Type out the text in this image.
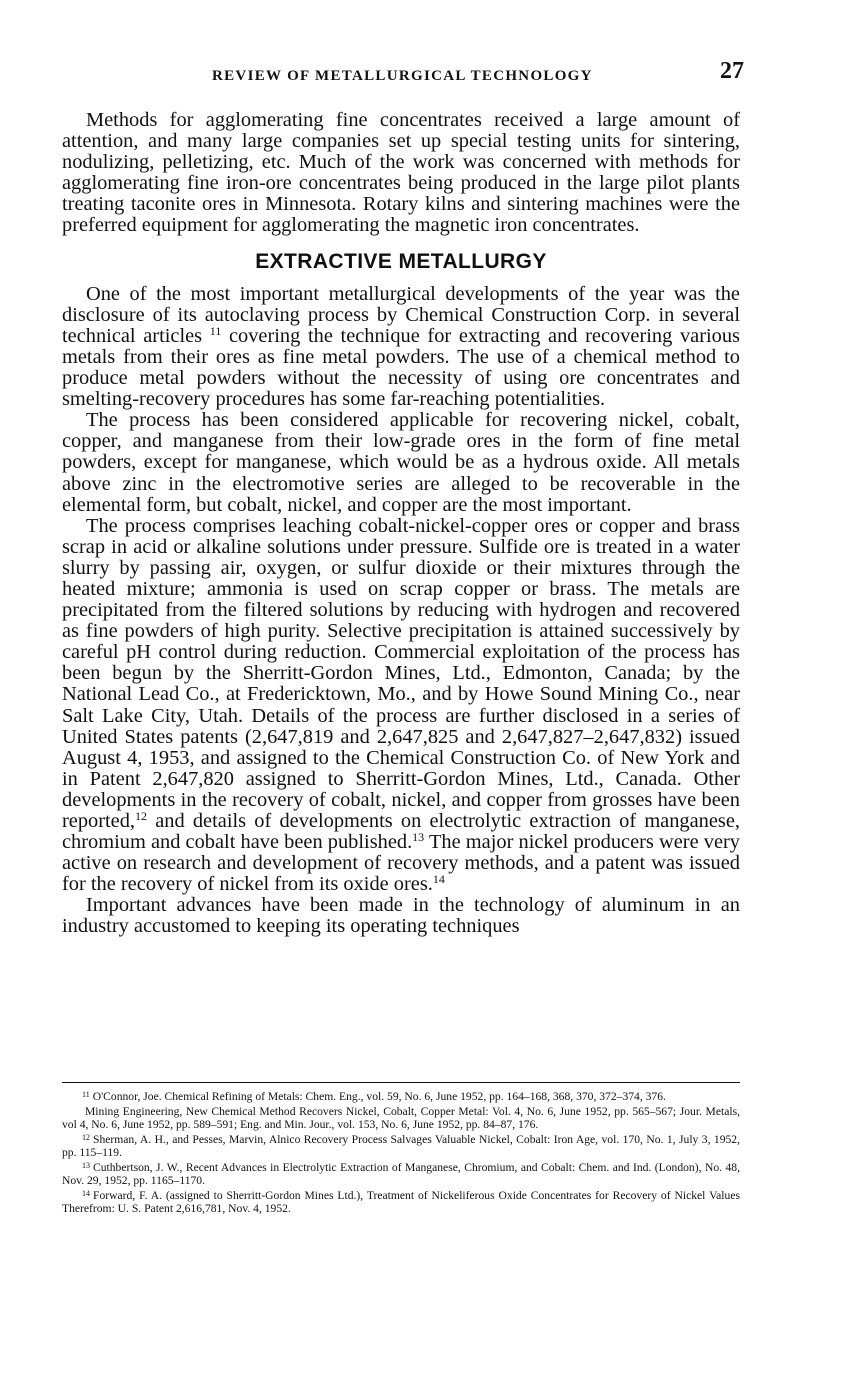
REVIEW OF METALLURGICAL TECHNOLOGY	27

Methods for agglomerating fine concentrates received a large amount of attention, and many large companies set up special testing units for sintering, nodulizing, pelletizing, etc. Much of the work was concerned with methods for agglomerating fine iron-ore concentrates being produced in the large pilot plants treating taconite ores in Minnesota. Rotary kilns and sintering machines were the preferred equipment for agglomerating the magnetic iron concentrates.

EXTRACTIVE METALLURGY

One of the most important metallurgical developments of the year was the disclosure of its autoclaving process by Chemical Construction Corp. in several technical articles $^{11}$ covering the technique for extracting and recovering various metals from their ores as fine metal powders. The use of a chemical method to produce metal powders without the necessity of using ore concentrates and smelting-recovery procedures has some far-reaching potentialities.

The process has been considered applicable for recovering nickel, cobalt, copper, and manganese from their low-grade ores in the form of fine metal powders, except for manganese, which would be as a hydrous oxide. All metals above zinc in the electromotive series are alleged to be recoverable in the elemental form, but cobalt, nickel, and copper are the most important.

The process comprises leaching cobalt-nickel-copper ores or copper and brass scrap in acid or alkaline solutions under pressure. Sulfide ore is treated in a water slurry by passing air, oxygen, or sulfur dioxide or their mixtures through the heated mixture; ammonia is used on scrap copper or brass. The metals are precipitated from the filtered solutions by reducing with hydrogen and recovered as fine powders of high purity. Selective precipitation is attained successively by careful pH control during reduction. Commercial exploitation of the process has been begun by the Sherritt-Gordon Mines, Ltd., Edmonton, Canada; by the National Lead Co., at Fredericktown, Mo., and by Howe Sound Mining Co., near Salt Lake City, Utah. Details of the process are further disclosed in a series of United States patents (2,647,819 and 2,647,825 and 2,647,827–2,647,832) issued August 4, 1953, and assigned to the Chemical Construction Co. of New York and in Patent 2,647,820 assigned to Sherritt-Gordon Mines, Ltd., Canada. Other developments in the recovery of cobalt, nickel, and copper from grosses have been reported,$^{12}$ and details of developments on electrolytic extraction of manganese, chromium and cobalt have been published.$^{13}$ The major nickel producers were very active on research and development of recovery methods, and a patent was issued for the recovery of nickel from its oxide ores.$^{14}$

Important advances have been made in the technology of aluminum in an industry accustomed to keeping its operating techniques

$^{11}$ O'Connor, Joe. Chemical Refining of Metals: Chem. Eng., vol. 59, No. 6, June 1952, pp. 164–168, 368, 370, 372–374, 376.

Mining Engineering, New Chemical Method Recovers Nickel, Cobalt, Copper Metal: Vol. 4, No. 6, June 1952, pp. 565–567; Jour. Metals, vol 4, No. 6, June 1952, pp. 589–591; Eng. and Min. Jour., vol. 153, No. 6, June 1952, pp. 84–87, 176.

$^{12}$ Sherman, A. H., and Pesses, Marvin, Alnico Recovery Process Salvages Valuable Nickel, Cobalt: Iron Age, vol. 170, No. 1, July 3, 1952, pp. 115–119.

$^{13}$ Cuthbertson, J. W., Recent Advances in Electrolytic Extraction of Manganese, Chromium, and Cobalt: Chem. and Ind. (London), No. 48, Nov. 29, 1952, pp. 1165–1170.

$^{14}$ Forward, F. A. (assigned to Sherritt-Gordon Mines Ltd.), Treatment of Nickeliferous Oxide Concentrates for Recovery of Nickel Values Therefrom: U. S. Patent 2,616,781, Nov. 4, 1952.
